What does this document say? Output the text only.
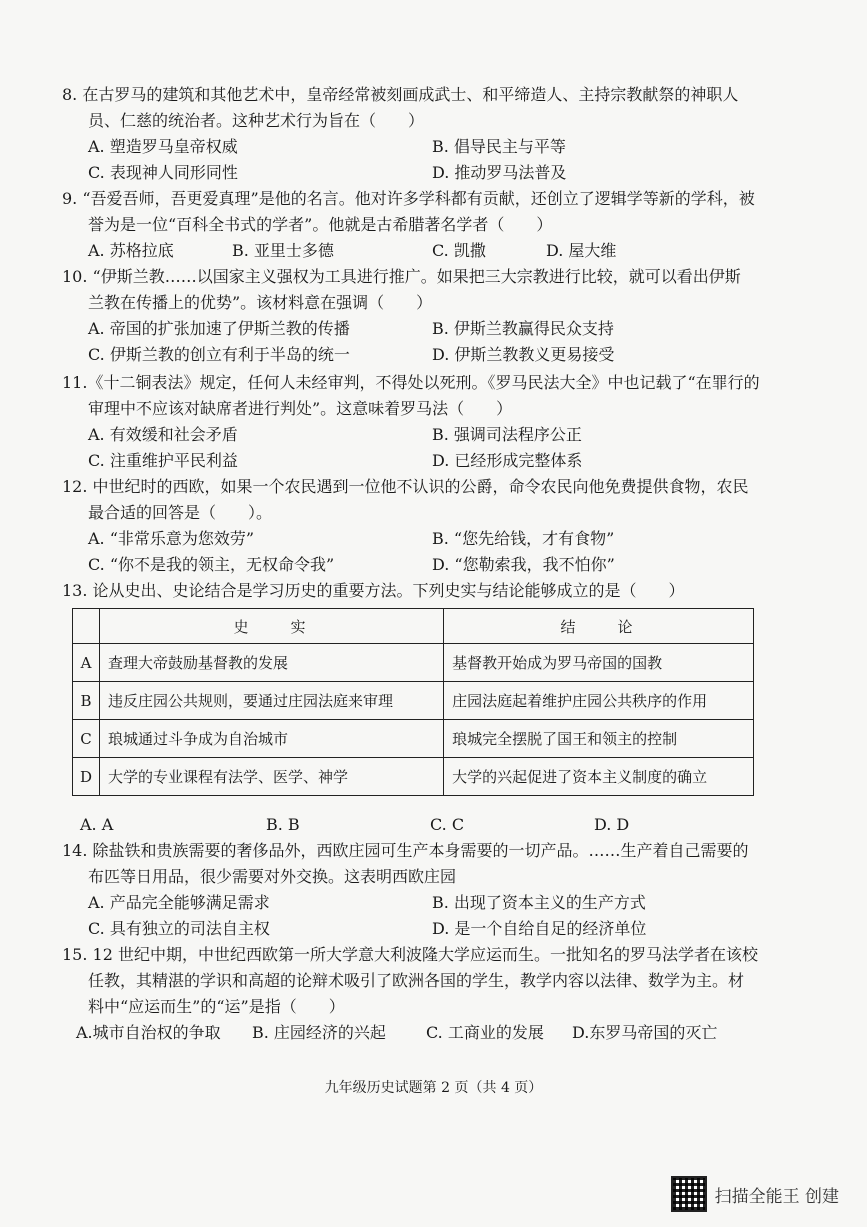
8. 在古罗马的建筑和其他艺术中，皇帝经常被刻画成武士、和平缔造人、主持宗教献祭的神职人
员、仁慈的统治者。这种艺术行为旨在（　　）
A. 塑造罗马皇帝权威	B. 倡导民主与平等
C. 表现神人同形同性	D. 推动罗马法普及
9. “吾爱吾师，吾更爱真理”是他的名言。他对许多学科都有贡献，还创立了逻辑学等新的学科，被
誉为是一位“百科全书式的学者”。他就是古希腊著名学者（　　）
A. 苏格拉底	B. 亚里士多德	C. 凯撒	D. 屋大维
10. “伊斯兰教……以国家主义强权为工具进行推广。如果把三大宗教进行比较，就可以看出伊斯
兰教在传播上的优势”。该材料意在强调（　　）
A. 帝国的扩张加速了伊斯兰教的传播	B. 伊斯兰教赢得民众支持
C. 伊斯兰教的创立有利于半岛的统一	D. 伊斯兰教教义更易接受
11.《十二铜表法》规定，任何人未经审判，不得处以死刑。《罗马民法大全》中也记载了“在罪行的
审理中不应该对缺席者进行判处”。这意味着罗马法（　　）
A. 有效缓和社会矛盾	B. 强调司法程序公正
C. 注重维护平民利益	D. 已经形成完整体系
12. 中世纪时的西欧，如果一个农民遇到一位他不认识的公爵，命令农民向他免费提供食物，农民
最合适的回答是（　　）。
A. “非常乐意为您效劳”	B. “您先给钱，才有食物”
C. “你不是我的领主，无权命令我”	D. “您勒索我，我不怕你”
13. 论从史出、史论结合是学习历史的重要方法。下列史实与结论能够成立的是（　　）
	史　　实	结　　论
A	查理大帝鼓励基督教的发展	基督教开始成为罗马帝国的国教
B	违反庄园公共规则，要通过庄园法庭来审理	庄园法庭起着维护庄园公共秩序的作用
C	琅城通过斗争成为自治城市	琅城完全摆脱了国王和领主的控制
D	大学的专业课程有法学、医学、神学	大学的兴起促进了资本主义制度的确立
A. A	B. B	C. C	D. D
14. 除盐铁和贵族需要的奢侈品外，西欧庄园可生产本身需要的一切产品。……生产着自己需要的
布匹等日用品，很少需要对外交换。这表明西欧庄园
A. 产品完全能够满足需求	B. 出现了资本主义的生产方式
C. 具有独立的司法自主权	D. 是一个自给自足的经济单位
15. 12 世纪中期，中世纪西欧第一所大学意大利波隆大学应运而生。一批知名的罗马法学者在该校
任教，其精湛的学识和高超的论辩术吸引了欧洲各国的学生，教学内容以法律、数学为主。材
料中“应运而生”的“运”是指（　　）
A.城市自治权的争取 B. 庄园经济的兴起	C. 工商业的发展 D.东罗马帝国的灭亡
九年级历史试题第 2 页（共 4 页）
扫描全能王 创建
